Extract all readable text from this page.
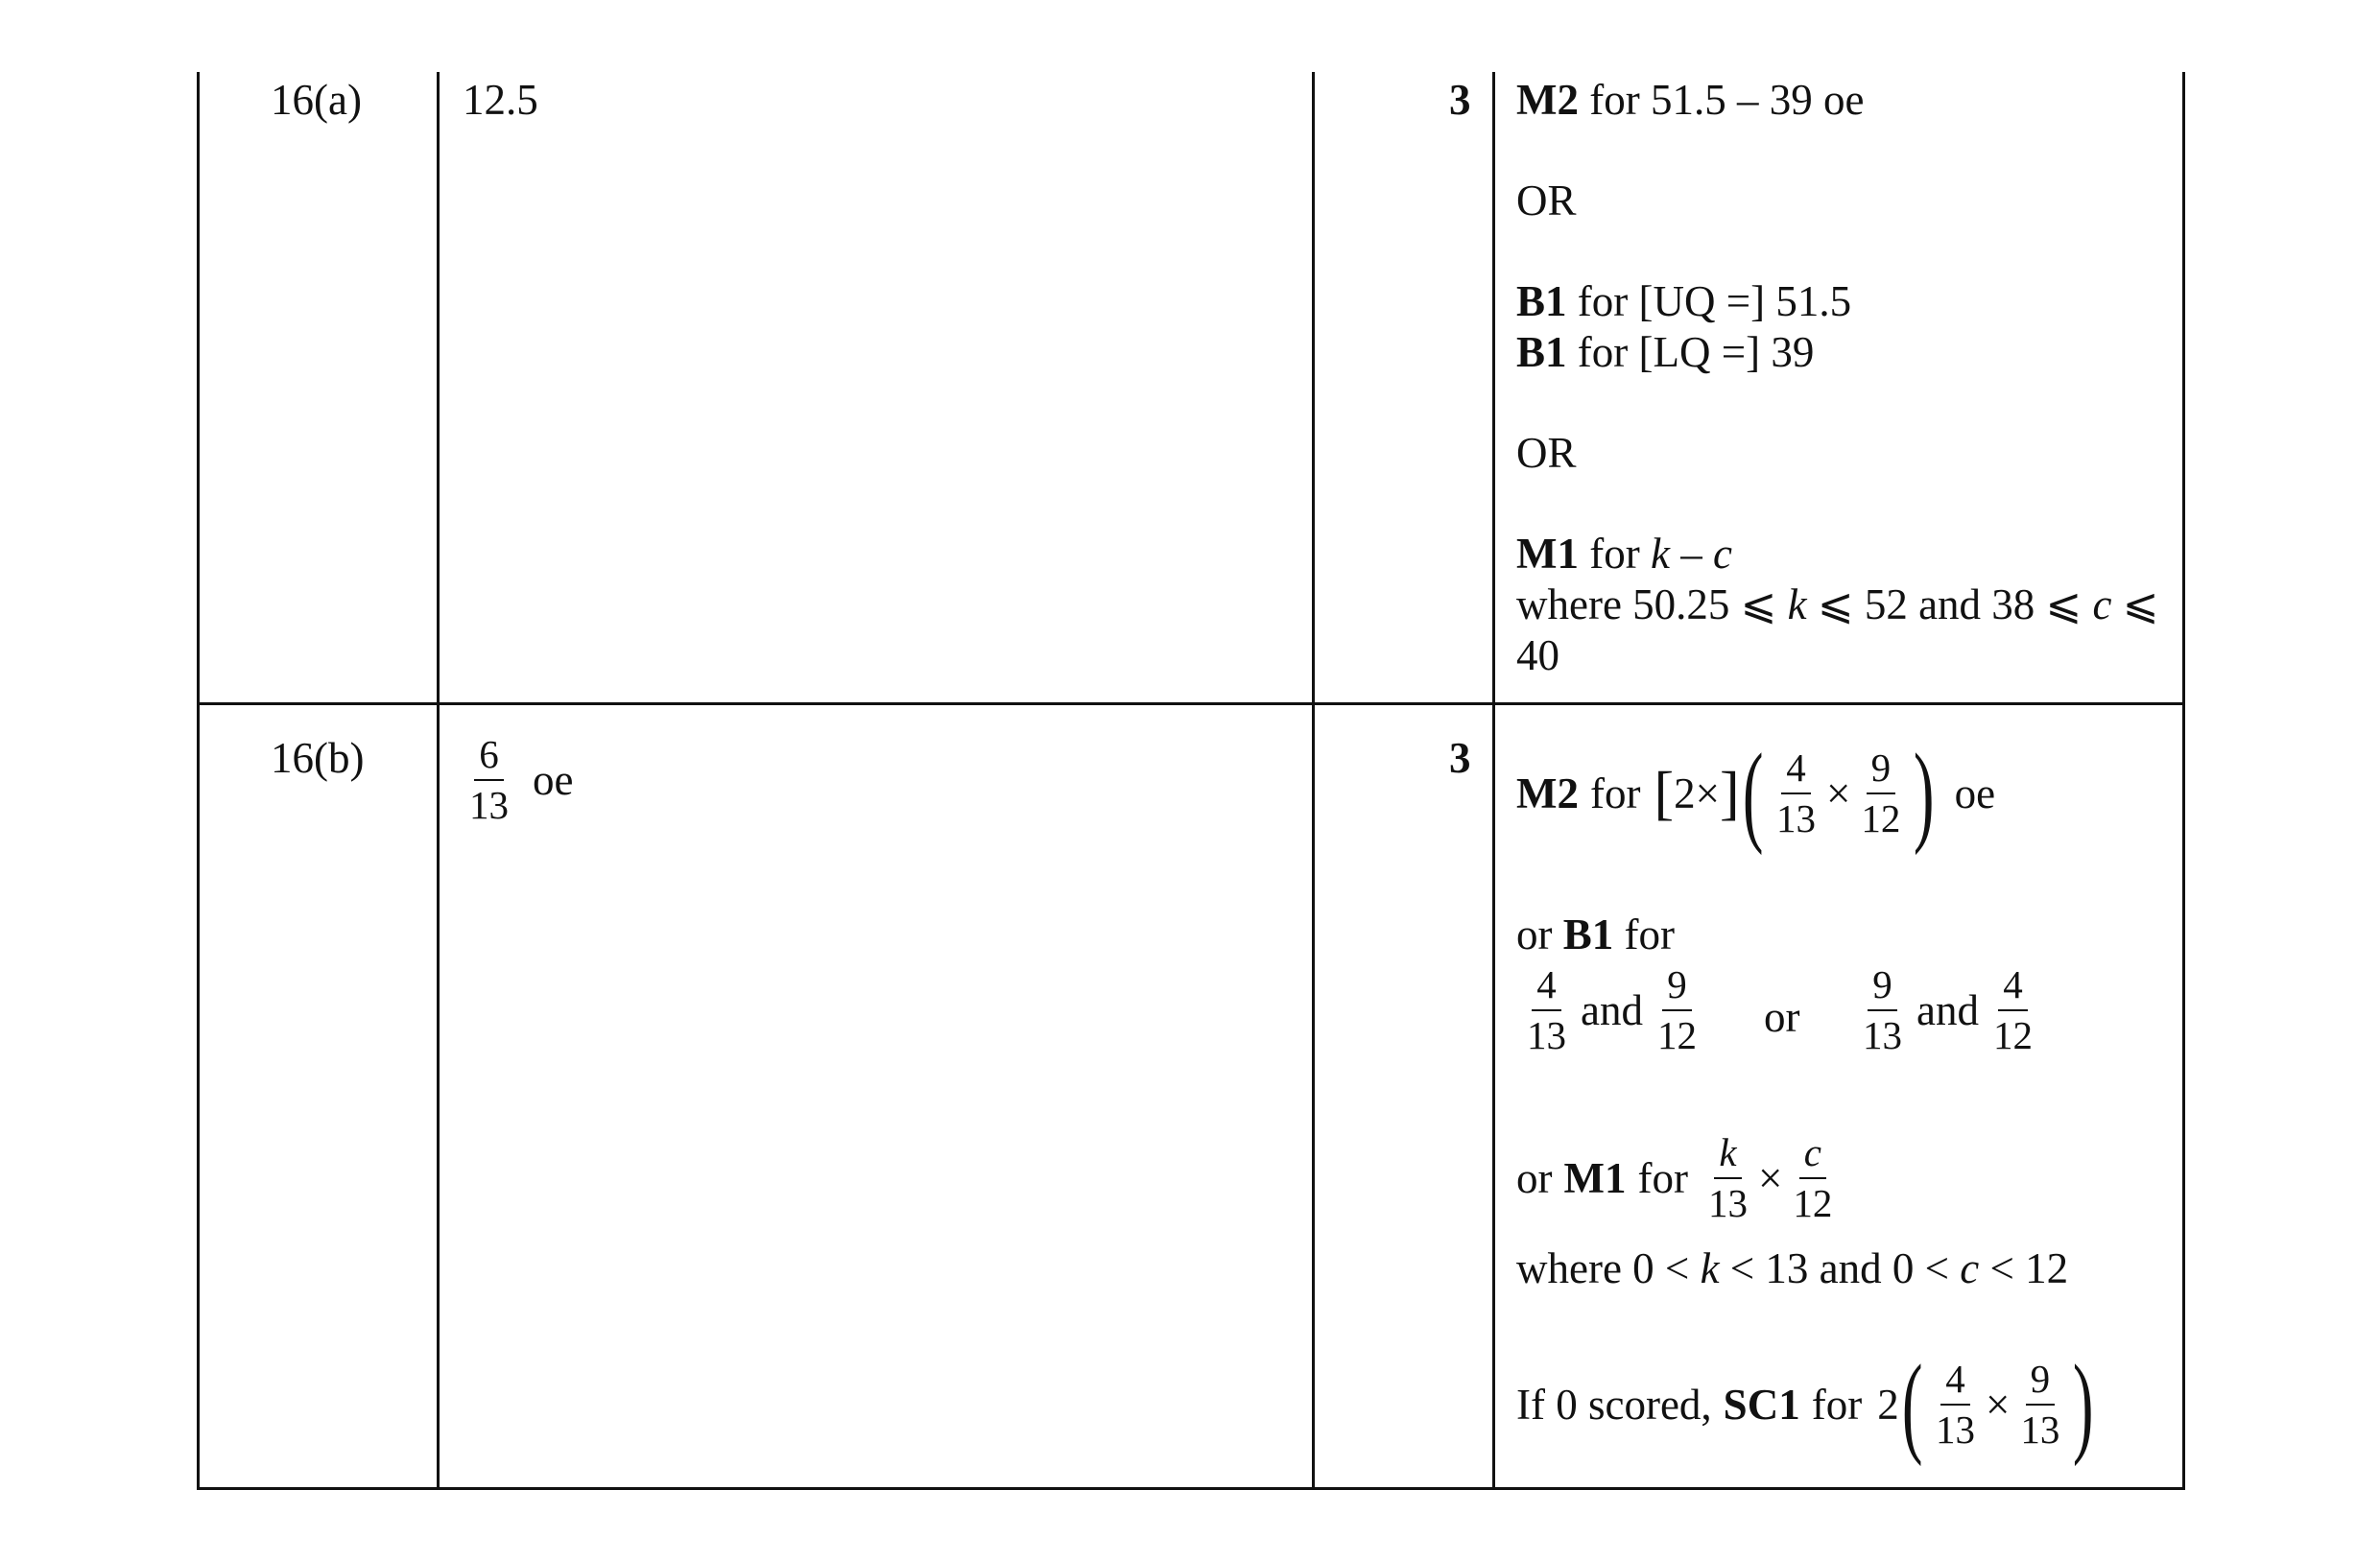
16(a) 12.5	3 M2 for 51.5 – 39 oe
OR
B1 for [UQ =] 51.5
B1 for [LQ =] 39
OR
M1 for k – c
where 50.25 ⩽ k ⩽ 52 and 38 ⩽ c ⩽
40
16(b)	$\frac{6}{13}$ oe	3
M2 for [ 2× ] ( $\frac{4}{13} \times \frac{9}{12}$ ) oe
or B1 for
$\frac{4}{13}$ and $\frac{9}{12}$ or $\frac{9}{13}$ and $\frac{4}{12}$
or M1 for $\frac{k}{13} \times \frac{c}{12}$
where 0 < k < 13 and 0 < c < 12
If 0 scored, SC1 for 2 ( $\frac{4}{13} \times \frac{9}{13}$ )
